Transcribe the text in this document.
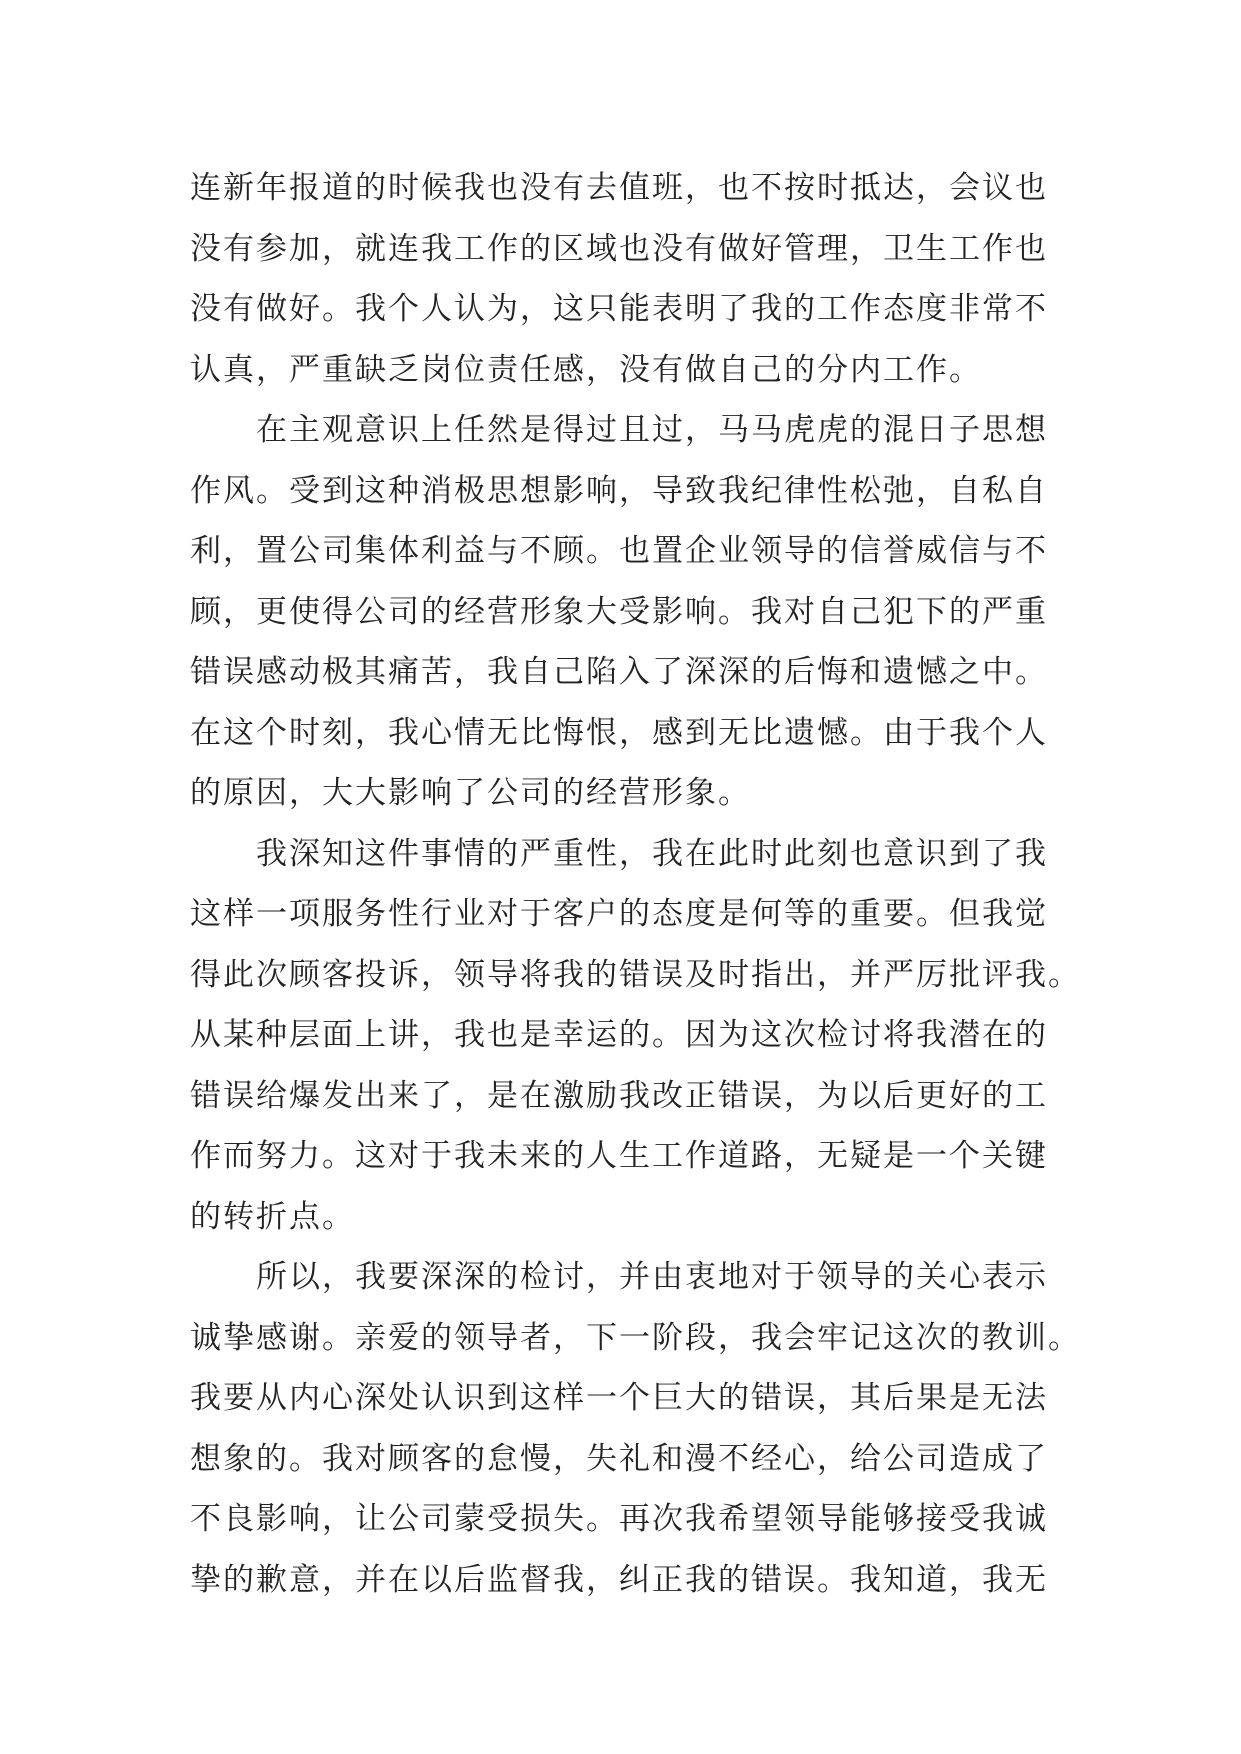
连新年报道的时候我也没有去值班，也不按时抵达，会议也
没有参加，就连我工作的区域也没有做好管理，卫生工作也
没有做好。我个人认为，这只能表明了我的工作态度非常不
认真，严重缺乏岗位责任感，没有做自己的分内工作。
在主观意识上任然是得过且过，马马虎虎的混日子思想
作风。受到这种消极思想影响，导致我纪律性松弛，自私自
利，置公司集体利益与不顾。也置企业领导的信誉威信与不
顾，更使得公司的经营形象大受影响。我对自己犯下的严重
错误感动极其痛苦，我自己陷入了深深的后悔和遗憾之中。
在这个时刻，我心情无比悔恨，感到无比遗憾。由于我个人
的原因，大大影响了公司的经营形象。
我深知这件事情的严重性，我在此时此刻也意识到了我
这样一项服务性行业对于客户的态度是何等的重要。但我觉
得此次顾客投诉，领导将我的错误及时指出，并严厉批评我。
从某种层面上讲，我也是幸运的。因为这次检讨将我潜在的
错误给爆发出来了，是在激励我改正错误，为以后更好的工
作而努力。这对于我未来的人生工作道路，无疑是一个关键
的转折点。
所以，我要深深的检讨，并由衷地对于领导的关心表示
诚挚感谢。亲爱的领导者，下一阶段，我会牢记这次的教训。
我要从内心深处认识到这样一个巨大的错误，其后果是无法
想象的。我对顾客的怠慢，失礼和漫不经心，给公司造成了
不良影响，让公司蒙受损失。再次我希望领导能够接受我诚
挚的歉意，并在以后监督我，纠正我的错误。我知道，我无
